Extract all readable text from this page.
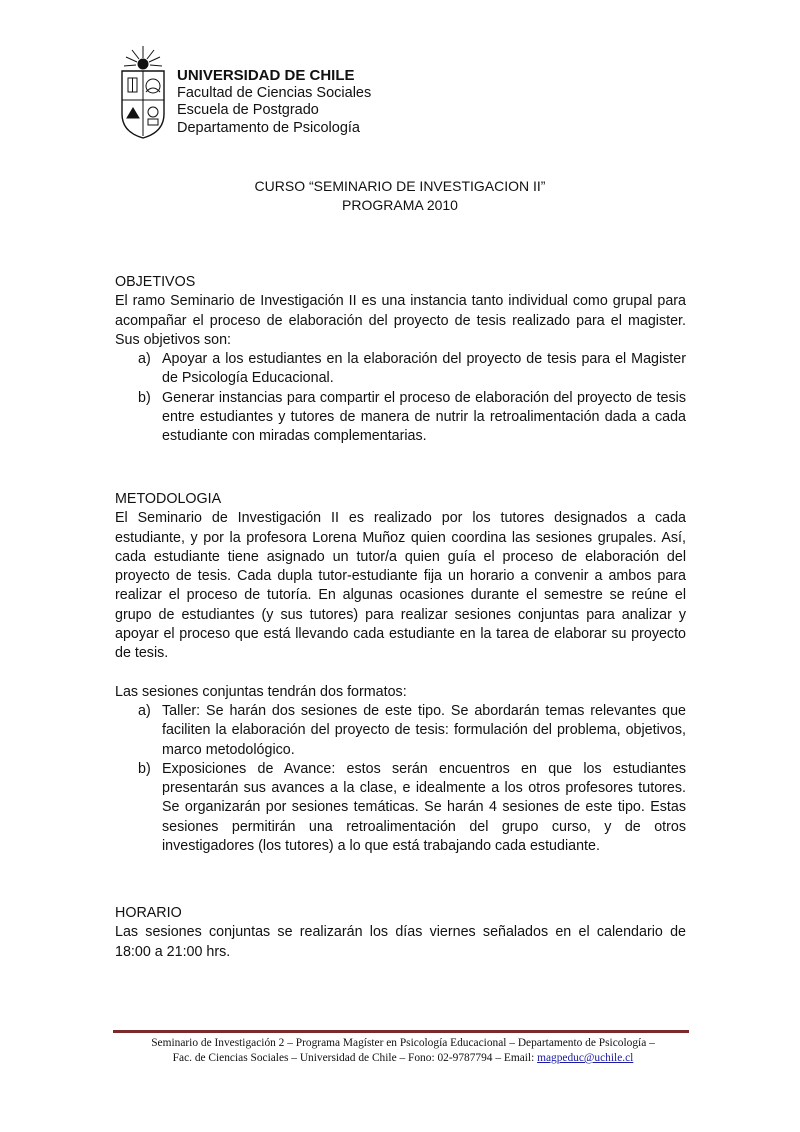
UNIVERSIDAD DE CHILE
Facultad de Ciencias Sociales
Escuela de Postgrado
Departamento de Psicología
CURSO “SEMINARIO DE INVESTIGACION II”
PROGRAMA 2010

OBJETIVOS

El ramo Seminario de Investigación II es una instancia tanto individual como grupal para acompañar el proceso de elaboración del proyecto de tesis realizado para el magister. Sus objetivos son:

a) Apoyar a los estudiantes en la elaboración del proyecto de tesis para el Magister de Psicología Educacional.
b) Generar instancias para compartir el proceso de elaboración del proyecto de tesis entre estudiantes y tutores de manera de nutrir la retroalimentación dada a cada estudiante con miradas complementarias.

METODOLOGIA

El Seminario de Investigación II es realizado por los tutores designados a cada estudiante, y por la profesora Lorena Muñoz quien coordina las sesiones grupales. Así, cada estudiante tiene asignado un tutor/a quien guía el proceso de elaboración del proyecto de tesis. Cada dupla tutor-estudiante fija un horario a convenir a ambos para realizar el proceso de tutoría. En algunas ocasiones durante el semestre se reúne el grupo de estudiantes (y sus tutores) para realizar sesiones conjuntas para analizar y apoyar el proceso que está llevando cada estudiante en la tarea de elaborar su proyecto de tesis.

Las sesiones conjuntas tendrán dos formatos:

a) Taller: Se harán dos sesiones de este tipo. Se abordarán temas relevantes que faciliten la elaboración del proyecto de tesis: formulación del problema, objetivos, marco metodológico.
b) Exposiciones de Avance: estos serán encuentros en que los estudiantes presentarán sus avances a la clase, e idealmente a los otros profesores tutores. Se organizarán por sesiones temáticas. Se harán 4 sesiones de este tipo. Estas sesiones permitirán una retroalimentación del grupo curso, y de otros investigadores (los tutores) a lo que está trabajando cada estudiante.

HORARIO

Las sesiones conjuntas se realizarán los días viernes señalados en el calendario de 18:00 a 21:00 hrs.

Seminario de Investigación 2 – Programa Magíster en Psicología Educacional – Departamento de Psicología –
Fac. de Ciencias Sociales – Universidad de Chile – Fono: 02-9787794 – Email: magpeduc@uchile.cl
